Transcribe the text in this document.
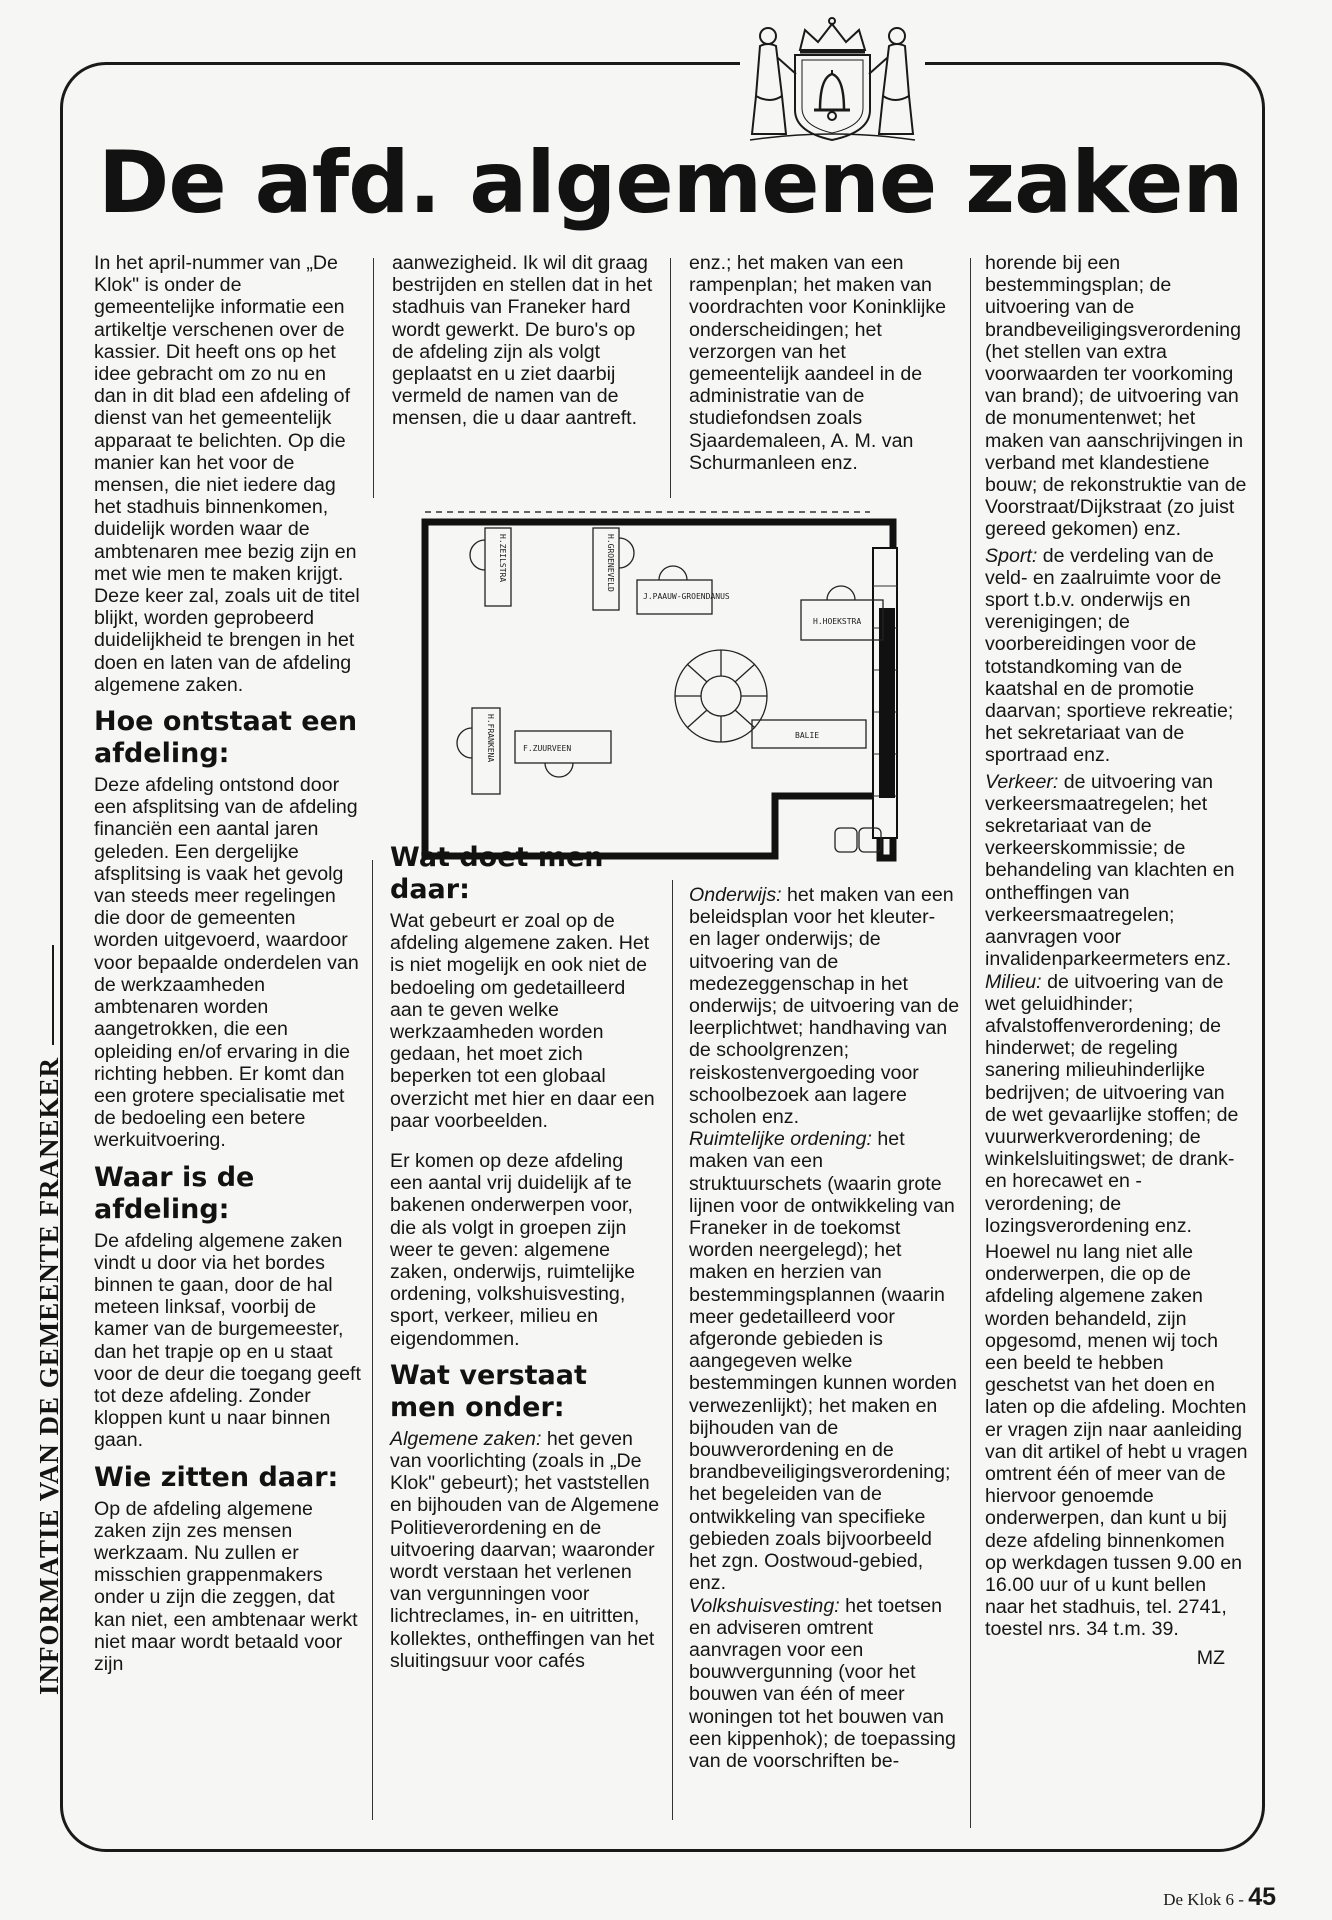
De afd. algemene zaken
INFORMATIE VAN DE GEMEENTE FRANEKER

In het april-nummer van „De Klok" is onder de gemeentelijke informatie een artikeltje verschenen over de kassier. Dit heeft ons op het idee gebracht om zo nu en dan in dit blad een afdeling of dienst van het gemeentelijk apparaat te belichten. Op die manier kan het voor de mensen, die niet iedere dag het stadhuis binnenkomen, duidelijk worden waar de ambtenaren mee bezig zijn en met wie men te maken krijgt.

Deze keer zal, zoals uit de titel blijkt, worden geprobeerd duidelijkheid te brengen in het doen en laten van de afdeling algemene zaken.

Hoe ontstaat een afdeling:

Deze afdeling ontstond door een afsplitsing van de afdeling financiën een aantal jaren geleden. Een dergelijke afsplitsing is vaak het gevolg van steeds meer regelingen die door de gemeenten worden uitgevoerd, waardoor voor bepaalde onderdelen van de werkzaamheden ambtenaren worden aangetrokken, die een opleiding en/of ervaring in die richting hebben. Er komt dan een grotere specialisatie met de bedoeling een betere werkuitvoering.

Waar is de afdeling:

De afdeling algemene zaken vindt u door via het bordes binnen te gaan, door de hal meteen linksaf, voorbij de kamer van de burgemeester, dan het trapje op en u staat voor de deur die toegang geeft tot deze afdeling. Zonder kloppen kunt u naar binnen gaan.

Wie zitten daar:

Op de afdeling algemene zaken zijn zes mensen werkzaam. Nu zullen er misschien grappenmakers onder u zijn die zeggen, dat kan niet, een ambtenaar werkt niet maar wordt betaald voor zijn

aanwezigheid. Ik wil dit graag bestrijden en stellen dat in het stadhuis van Franeker hard wordt gewerkt. De buro's op de afdeling zijn als volgt geplaatst en u ziet daarbij vermeld de namen van de mensen, die u daar aantreft.

enz.; het maken van een rampenplan; het maken van voordrachten voor Koninklijke onderscheidingen; het verzorgen van het gemeentelijk aandeel in de administratie van de studiefondsen zoals Sjaardemaleen, A. M. van Schurmanleen enz.

H.ZEILSTRA	H.GROENEVELD
J.PAAUW-GROENDANUS
H.HOEKSTRA
H.FRANKENA	F.ZUURVEEN
BALIE
Wat doet men daar:

Wat gebeurt er zoal op de afdeling algemene zaken. Het is niet mogelijk en ook niet de bedoeling om gedetailleerd aan te geven welke werkzaamheden worden gedaan, het moet zich beperken tot een globaal overzicht met hier en daar een paar voorbeelden.

Er komen op deze afdeling een aantal vrij duidelijk af te bakenen onderwerpen voor, die als volgt in groepen zijn weer te geven: algemene zaken, onderwijs, ruimtelijke ordening, volkshuisvesting, sport, verkeer, milieu en eigendommen.

Wat verstaat men onder:

Algemene zaken: het geven van voorlichting (zoals in „De Klok" gebeurt); het vaststellen en bijhouden van de Algemene Politieverordening en de uitvoering daarvan; waaronder wordt verstaan het verlenen van vergunningen voor lichtreclames, in- en uitritten, kollektes, ontheffingen van het sluitingsuur voor cafés

Onderwijs: het maken van een beleidsplan voor het kleuter- en lager onderwijs; de uitvoering van de medezeggenschap in het onderwijs; de uitvoering van de leerplichtwet; handhaving van de schoolgrenzen; reiskostenvergoeding voor schoolbezoek aan lagere scholen enz.

Ruimtelijke ordening: het maken van een struktuurschets (waarin grote lijnen voor de ontwikkeling van Franeker in de toekomst worden neergelegd); het maken en herzien van bestemmingsplannen (waarin meer gedetailleerd voor afgeronde gebieden is aangegeven welke bestemmingen kunnen worden verwezenlijkt); het maken en bijhouden van de bouwverordening en de brandbeveiligingsverordening; het begeleiden van de ontwikkeling van specifieke gebieden zoals bijvoorbeeld het zgn. Oostwoud-gebied, enz.

Volkshuisvesting: het toetsen en adviseren omtrent aanvragen voor een bouwvergunning (voor het bouwen van één of meer woningen tot het bouwen van een kippenhok); de toepassing van de voorschriften be-

horende bij een bestemmingsplan; de uitvoering van de brandbeveiligingsverordening (het stellen van extra voorwaarden ter voorkoming van brand); de uitvoering van de monumentenwet; het maken van aanschrijvingen in verband met klandestiene bouw; de rekonstruktie van de Voorstraat/Dijkstraat (zo juist gereed gekomen) enz.

Sport: de verdeling van de veld- en zaalruimte voor de sport t.b.v. onderwijs en verenigingen; de voorbereidingen voor de totstandkoming van de kaatshal en de promotie daarvan; sportieve rekreatie; het sekretariaat van de sportraad enz.

Verkeer: de uitvoering van verkeersmaatregelen; het sekretariaat van de verkeerskommissie; de behandeling van klachten en ontheffingen van verkeersmaatregelen; aanvragen voor invalidenparkeermeters enz.

Milieu: de uitvoering van de wet geluidhinder; afvalstoffenverordening; de hinderwet; de regeling sanering milieuhinderlijke bedrijven; de uitvoering van de wet gevaarlijke stoffen; de vuurwerkverordening; de winkelsluitingswet; de drank- en horecawet en -verordening; de lozingsverordening enz.

Hoewel nu lang niet alle onderwerpen, die op de afdeling algemene zaken worden behandeld, zijn opgesomd, menen wij toch een beeld te hebben geschetst van het doen en laten op die afdeling. Mochten er vragen zijn naar aanleiding van dit artikel of hebt u vragen omtrent één of meer van de hiervoor genoemde onderwerpen, dan kunt u bij deze afdeling binnenkomen op werkdagen tussen 9.00 en 16.00 uur of u kunt bellen naar het stadhuis, tel. 2741, toestel nrs. 34 t.m. 39.

MZ
De Klok 6 - 45
